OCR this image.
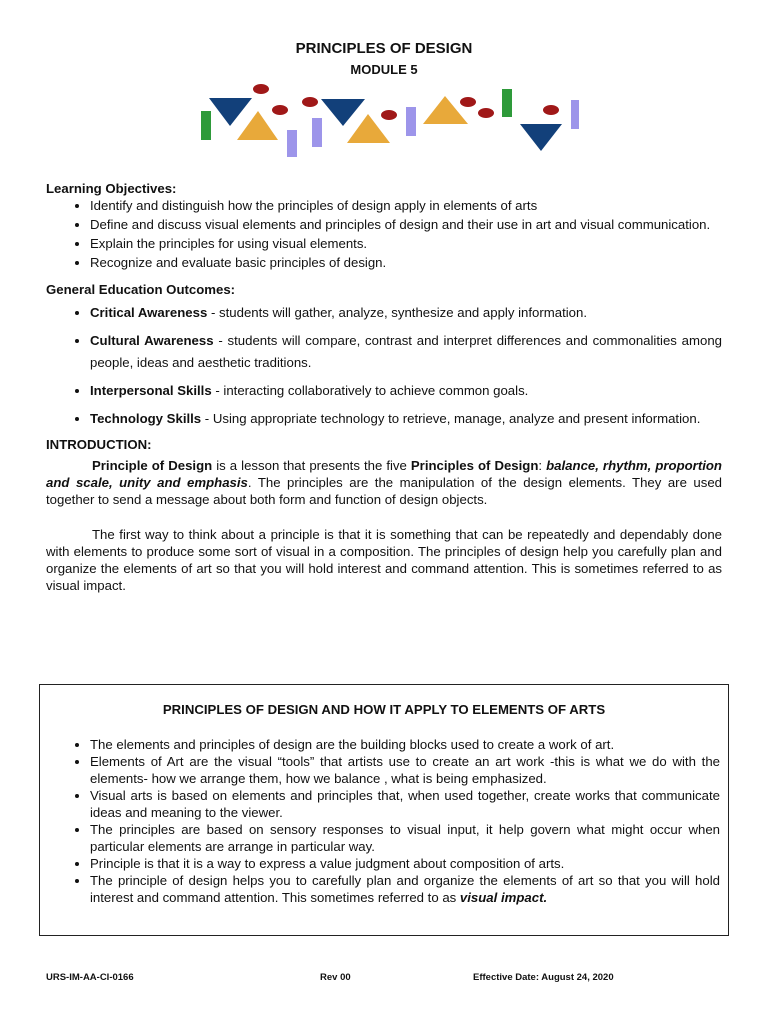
PRINCIPLES OF DESIGN
MODULE 5
Learning Objectives:
• Identify and distinguish how the principles of design apply in elements of arts
• Define and discuss visual elements and principles of design and their use in art and visual communication.
• Explain the principles for using visual elements.
• Recognize and evaluate basic principles of design.
General Education Outcomes:
• Critical Awareness - students will gather, analyze, synthesize and apply information.
• Cultural Awareness - students will compare, contrast and interpret differences and commonalities among people, ideas and aesthetic traditions.
• Interpersonal Skills - interacting collaboratively to achieve common goals.
• Technology Skills - Using appropriate technology to retrieve, manage, analyze and present information.
INTRODUCTION:

Principle of Design is a lesson that presents the five Principles of Design: balance, rhythm, proportion and scale, unity and emphasis. The principles are the manipulation of the design elements. They are used together to send a message about both form and function of design objects.

The first way to think about a principle is that it is something that can be repeatedly and dependably done with elements to produce some sort of visual in a composition. The principles of design help you carefully plan and organize the elements of art so that you will hold interest and command attention. This is sometimes referred to as visual impact.

PRINCIPLES OF DESIGN AND HOW IT APPLY TO ELEMENTS OF ARTS
• The elements and principles of design are the building blocks used to create a work of art.
• Elements of Art are the visual “tools” that artists use to create an art work -this is what we do with the elements- how we arrange them, how we balance , what is being emphasized.
• Visual arts is based on elements and principles that, when used together, create works that communicate ideas and meaning to the viewer.
• The principles are based on sensory responses to visual input, it help govern what might occur when particular elements are arrange in particular way.
• Principle is that it is a way to express a value judgment about composition of arts.
• The principle of design helps you to carefully plan and organize the elements of art so that you will hold interest and command attention. This sometimes referred to as visual impact.
URS-IM-AA-CI-0166	Rev 00	Effective Date: August 24, 2020
